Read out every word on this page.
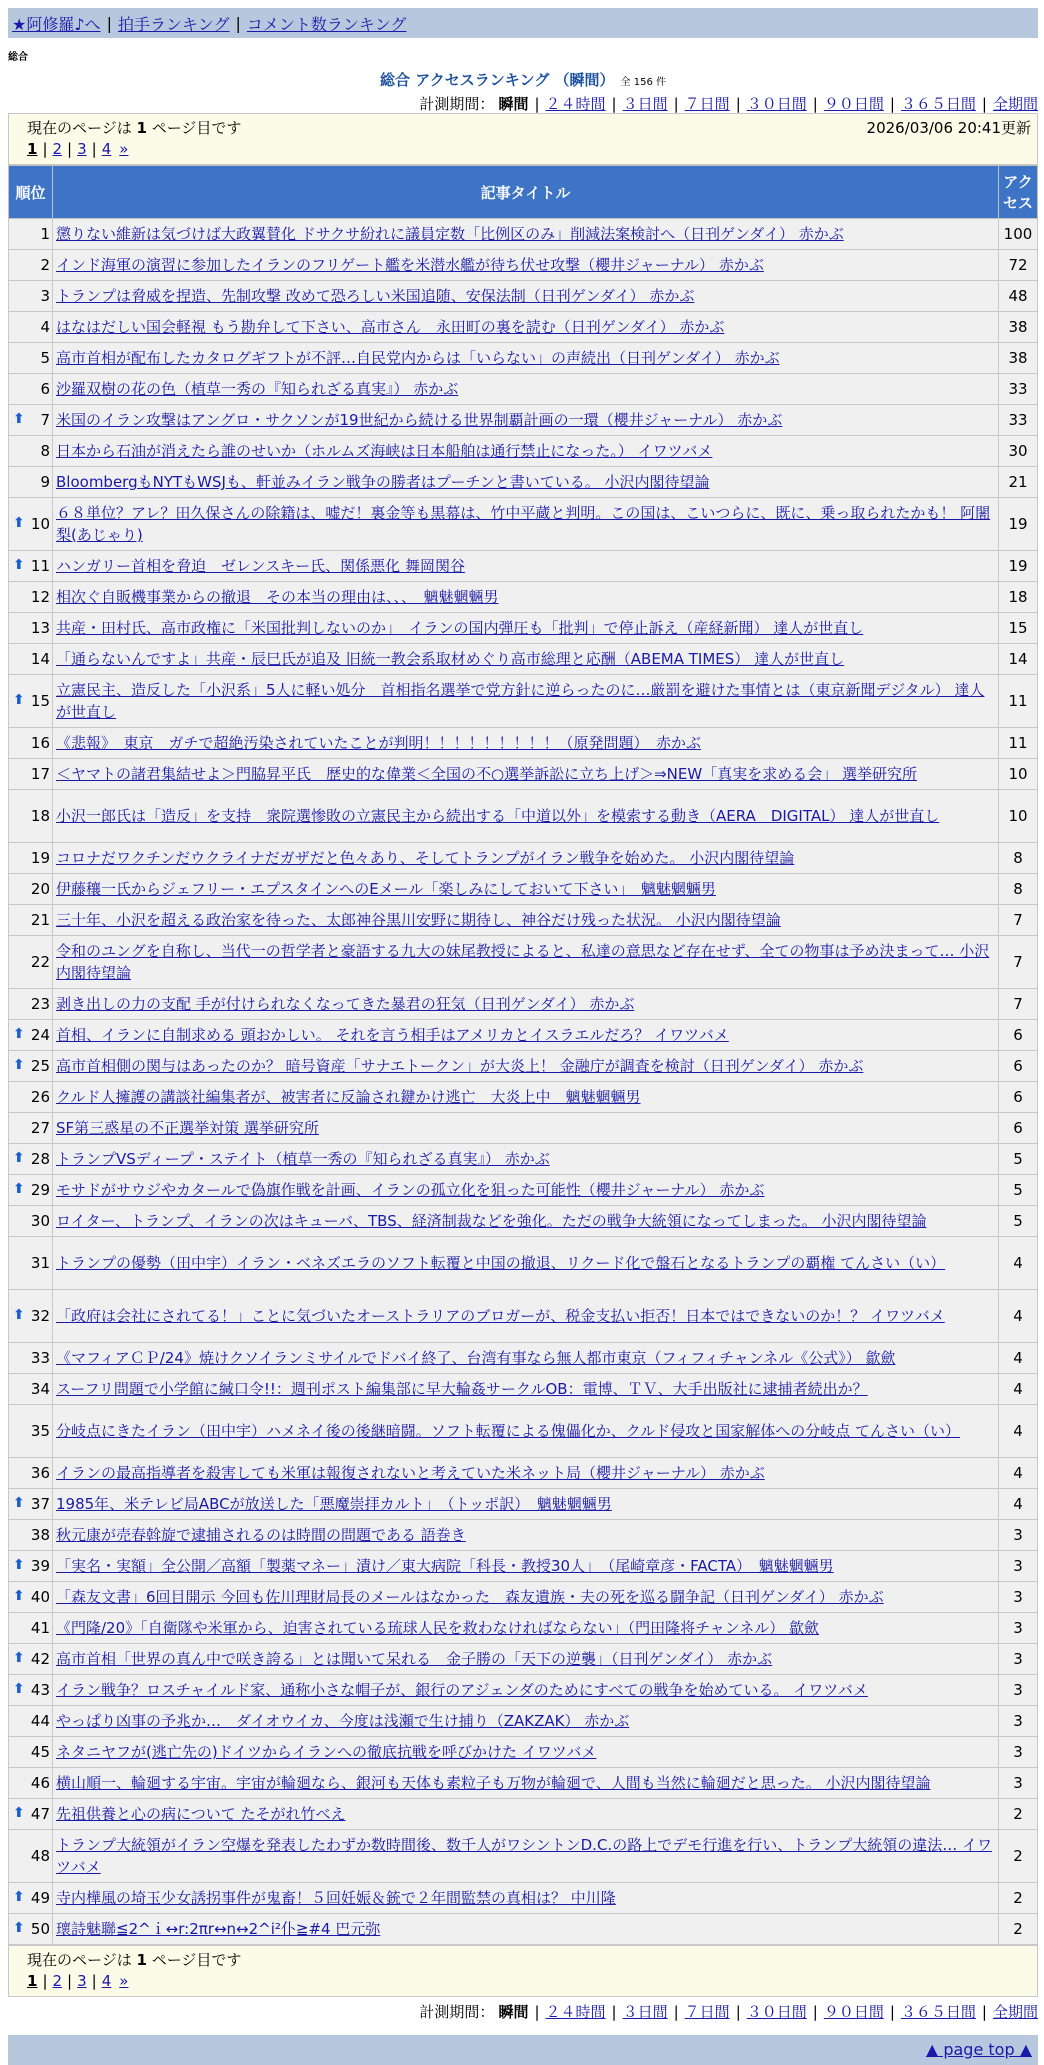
★阿修羅♪へ | 拍手ランキング | コメント数ランキング
総合
総合 アクセスランキング （瞬間） 全 156 件
計測期間： 瞬間 | ２４時間 | ３日間 | ７日間 | ３０日間 | ９０日間 | ３６５日間 | 全期間
現在のページは 1 ページ目です	2026/03/06 20:41更新
1 | 2 | 3 | 4 »
順位	記事タイトル	アクセス
1	懲りない維新は気づけば大政翼賛化 ドサクサ紛れに議員定数「比例区のみ」削減法案検討へ（日刊ゲンダイ） 赤かぶ	100
2	インド海軍の演習に参加したイランのフリゲート艦を米潜水艦が待ち伏せ攻撃（櫻井ジャーナル） 赤かぶ	72
3	トランプは脅威を捏造、先制攻撃 改めて恐ろしい米国追随、安保法制（日刊ゲンダイ） 赤かぶ	48
4	はなはだしい国会軽視 もう勘弁して下さい、高市さん　永田町の裏を読む（日刊ゲンダイ） 赤かぶ	38
5	高市首相が配布したカタログギフトが不評…自民党内からは「いらない」の声続出（日刊ゲンダイ） 赤かぶ	38
6	沙羅双樹の花の色（植草一秀の『知られざる真実』） 赤かぶ	33

⬆ 7	米国のイラン攻撃はアングロ・サクソンが19世紀から続ける世界制覇計画の一環（櫻井ジャーナル） 赤かぶ	33
8	日本から石油が消えたら誰のせいか（ホルムズ海峡は日本船舶は通行禁止になった。） イワツバメ	30
9	BloombergもNYTもWSJも、軒並みイラン戦争の勝者はプーチンと書いている。 小沢内閣待望論	21

⬆ 10	６８単位？アレ？田久保さんの除籍は、嘘だ！裏金等も黒幕は、竹中平蔵と判明。この国は、こいつらに、既に、乗っ取られたかも！ 阿闍梨(あじゃり)	19

⬆ 11	ハンガリー首相を脅迫　ゼレンスキー氏、関係悪化 舞岡関谷	19
12	相次ぐ自販機事業からの撤退　その本当の理由は、、、　魑魅魍魎男	18
13	共産・田村氏、高市政権に「米国批判しないのか」　イランの国内弾圧も「批判」で停止訴え（産経新聞） 達人が世直し	15
14	「通らないんですよ」共産・辰巳氏が追及 旧統一教会系取材めぐり高市総理と応酬（ABEMA TIMES） 達人が世直し	14

⬆ 15	立憲民主、造反した「小沢系」5人に軽い処分　首相指名選挙で党方針に逆らったのに…厳罰を避けた事情とは（東京新聞デジタル） 達人が世直し	11
16	《悲報》　東京　ガチで超絶汚染されていたことが判明！！！！！！！！！（原発問題）　赤かぶ	11
17	＜ヤマトの諸君集結せよ＞門脇昇平氏　歴史的な偉業＜全国の不○選挙訴訟に立ち上げ＞⇒NEW「真実を求める会」 選挙研究所	10
18	小沢一郎氏は「造反」を支持　衆院選惨敗の立憲民主から続出する「中道以外」を模索する動き（AERA　DIGITAL） 達人が世直し	10
19	コロナだワクチンだウクライナだガザだと色々あり、そしてトランプがイラン戦争を始めた。 小沢内閣待望論	8
20	伊藤穰一氏からジェフリー・エプスタインへのEメール「楽しみにしておいて下さい」　魑魅魍魎男	8
21	三十年、小沢を超える政治家を待った、太郎神谷黒川安野に期待し、神谷だけ残った状況。 小沢内閣待望論	7
22	令和のユングを自称し、当代一の哲学者と豪語する九大の妹尾教授によると、私達の意思など存在せず、全ての物事は予め決まって… 小沢内閣待望論	7
23	剥き出しの力の支配 手が付けられなくなってきた暴君の狂気（日刊ゲンダイ） 赤かぶ	7

⬆ 24	首相、イランに自制求める 頭おかしい。 それを言う相手はアメリカとイスラエルだろ？ イワツバメ	6

⬆ 25	高市首相側の関与はあったのか？ 暗号資産「サナエトークン」が大炎上！ 金融庁が調査を検討（日刊ゲンダイ） 赤かぶ	6
26	クルド人擁護の講談社編集者が、被害者に反論され鍵かけ逃亡　大炎上中　魑魅魍魎男	6
27	SF第三惑星の不正選挙対策 選挙研究所	6

⬆ 28	トランプVSディープ・ステイト（植草一秀の『知られざる真実』） 赤かぶ	5

⬆ 29	モサドがサウジやカタールで偽旗作戦を計画、イランの孤立化を狙った可能性（櫻井ジャーナル） 赤かぶ	5
30	ロイター、トランプ、イランの次はキューバ、TBS、経済制裁などを強化。ただの戦争大統領になってしまった。 小沢内閣待望論	5
31	トランプの優勢（田中宇）イラン・ベネズエラのソフト転覆と中国の撤退、リクード化で盤石となるトランプの覇権 てんさい（い）	4

⬆ 32	「政府は会社にされてる！」ことに気づいたオーストラリアのブロガーが、税金支払い拒否！日本ではできないのか！？ イワツバメ	4
33	《マフィアＣＰ/24》焼けクソイランミサイルでドバイ終了、台湾有事なら無人都市東京（フィフィチャンネル《公式》） 歙歛	4
34	スーフリ問題で小学館に緘口令!!：週刊ポスト編集部に早大輪姦サークルOB：電博、ＴＶ、大手出版社に逮捕者続出か？	4
35	分岐点にきたイラン（田中宇）ハメネイ後の後継暗闘。ソフト転覆による傀儡化か、クルド侵攻と国家解体への分岐点 てんさい（い）	4
36	イランの最高指導者を殺害しても米軍は報復されないと考えていた米ネット局（櫻井ジャーナル） 赤かぶ	4

⬆ 37	1985年、米テレビ局ABCが放送した「悪魔崇拝カルト」　（トッポ訳）　魑魅魍魎男	4
38	秋元康が売春斡旋で逮捕されるのは時間の問題である 語巻き	3

⬆ 39	「実名・実額」全公開／高額「製薬マネー」漬け／東大病院「科長・教授30人」　（尾崎章彦・FACTA）　魑魅魍魎男	3

⬆ 40	「森友文書」6回目開示 今回も佐川理財局長のメールはなかった　森友遺族・夫の死を巡る闘争記（日刊ゲンダイ） 赤かぶ	3
41	《門隆/20》「自衛隊や米軍から、迫害されている琉球人民を救わなければならない」（門田隆将チャンネル） 歙歛	3

⬆ 42	高市首相「世界の真ん中で咲き誇る」とは聞いて呆れる　金子勝の「天下の逆襲」（日刊ゲンダイ） 赤かぶ	3

⬆ 43	イラン戦争？ロスチャイルド家、通称小さな帽子が、銀行のアジェンダのためにすべての戦争を始めている。 イワツバメ	3
44	やっぱり凶事の予兆か…　ダイオウイカ、今度は浅瀬で生け捕り（ZAKZAK） 赤かぶ	3
45	ネタニヤフが(逃亡先の)ドイツからイランへの徹底抗戦を呼びかけた イワツバメ	3
46	横山順一、輪廻する宇宙。宇宙が輪廻なら、銀河も天体も素粒子も万物が輪廻で、人間も当然に輪廻だと思った。 小沢内閣待望論	3

⬆ 47	先祖供養と心の病について たそがれ竹べえ	2
48	トランプ大統領がイラン空爆を発表したわずか数時間後、数千人がワシントンD.C.の路上でデモ行進を行い、トランプ大統領の違法… イワツバメ	2

⬆ 49	寺内樺風の埼玉少女誘拐事件が鬼畜！５回妊娠＆銃で２年間監禁の真相は？ 中川隆	2

⬆ 50	瓌詩魅聯≦2^ｉ↔r:2πr↔n↔2^i²仆≧#4 巴元弥	2
現在のページは 1 ページ目です
1 | 2 | 3 | 4 »
計測期間： 瞬間 | ２４時間 | ３日間 | ７日間 | ３０日間 | ９０日間 | ３６５日間 | 全期間
▲ page top ▲
